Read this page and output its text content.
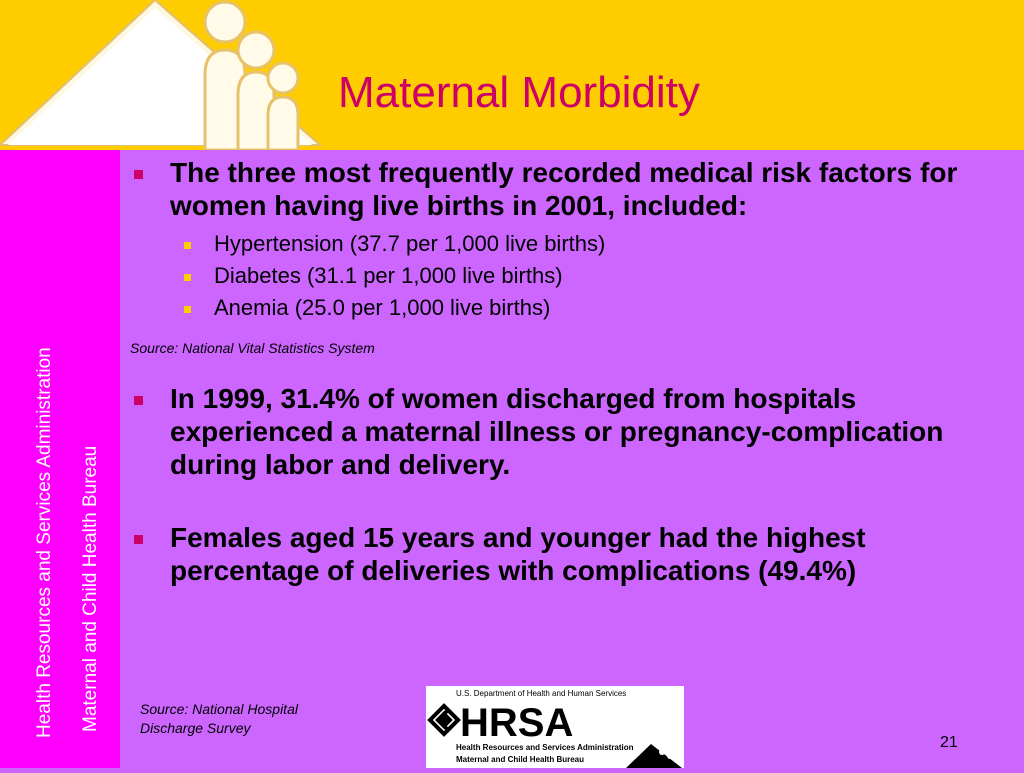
Maternal Morbidity
Health Resources and Services Administration Maternal and Child Health Bureau
The three most frequently recorded medical risk factors for women having live births in 2001, included:
Hypertension (37.7 per 1,000 live births)
Diabetes (31.1 per 1,000 live births)
Anemia (25.0 per 1,000 live births)
Source: National Vital Statistics System
In 1999, 31.4% of women discharged from hospitals experienced a maternal illness or pregnancy-complication during labor and delivery.
Females aged 15 years and younger had the highest percentage of deliveries with complications (49.4%)
Source: National Hospital
Discharge Survey
U.S. Department of Health and Human Services
HRSA
Health Resources and Services Administration
Maternal and Child Health Bureau
21
